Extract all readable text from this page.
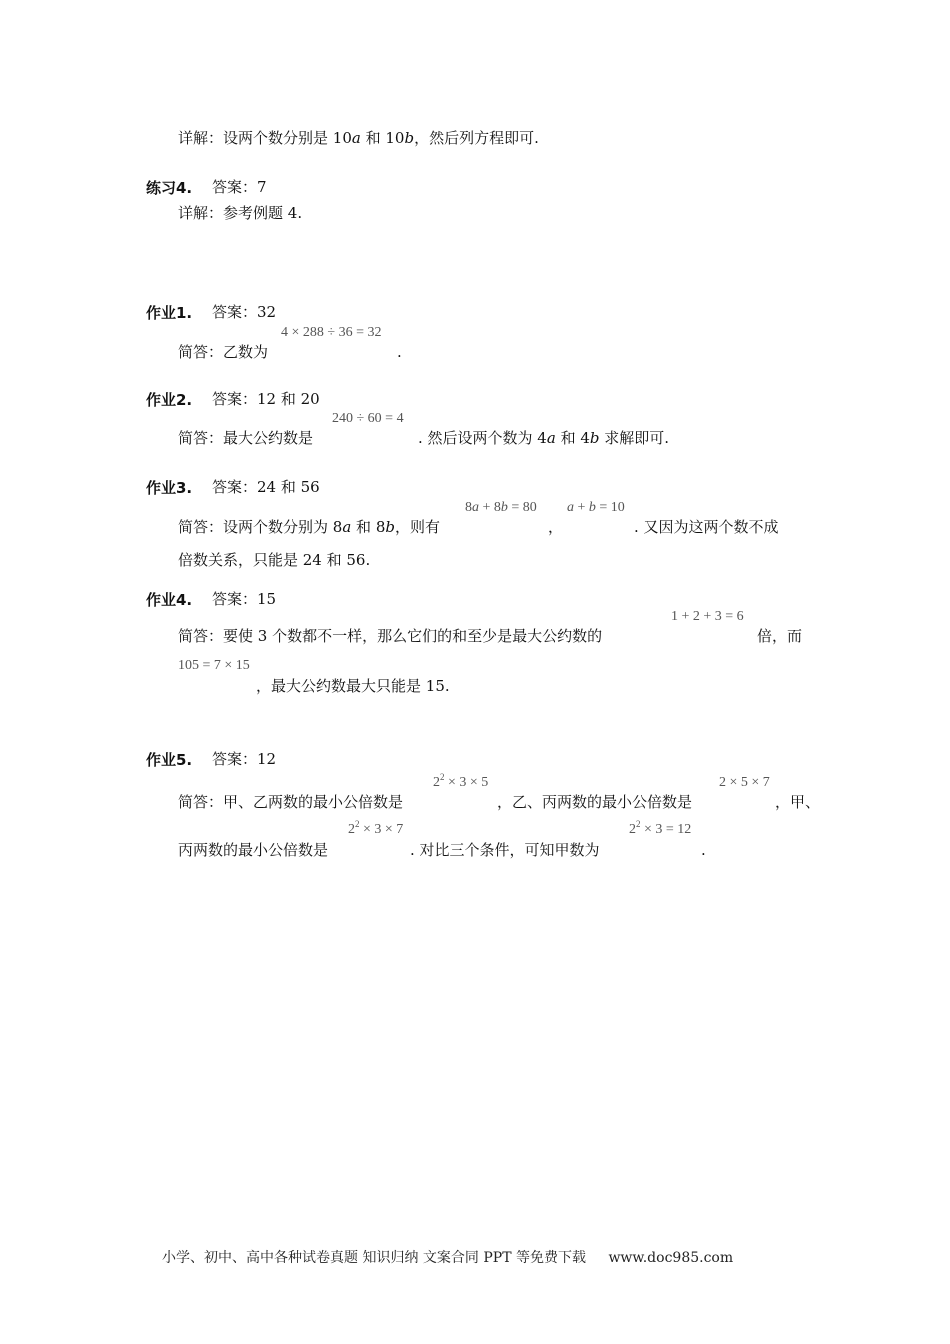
详解：设两个数分别是 10a 和 10b，然后列方程即可.
练习4. 答案：7
详解：参考例题 4.
作业1. 答案：32
简答：乙数为
4 × 288 ÷ 36 = 32
.
作业2. 答案：12 和 20
简答：最大公约数是
240 ÷ 60 = 4
. 然后设两个数为 4a 和 4b 求解即可.
作业3. 答案：24 和 56
简答：设两个数分别为 8a 和 8b，则有
8a + 8b = 80
，
a + b = 10
. 又因为这两个数不成
倍数关系，只能是 24 和 56.
作业4. 答案：15
简答：要使 3 个数都不一样，那么它们的和至少是最大公约数的
1 + 2 + 3 = 6
倍，而
105 = 7 × 15
，最大公约数最大只能是 15.
作业5. 答案：12
简答：甲、乙两数的最小公倍数是
$2^2 \times 3 \times 5$
，乙、丙两数的最小公倍数是
2 × 5 × 7
，甲、
丙两数的最小公倍数是
$2^2 \times 3 \times 7$
. 对比三个条件，可知甲数为
$2^2 \times 3 = 12$
.
小学、初中、高中各种试卷真题 知识归纳 文案合同 PPT 等免费下载 www.doc985.com
